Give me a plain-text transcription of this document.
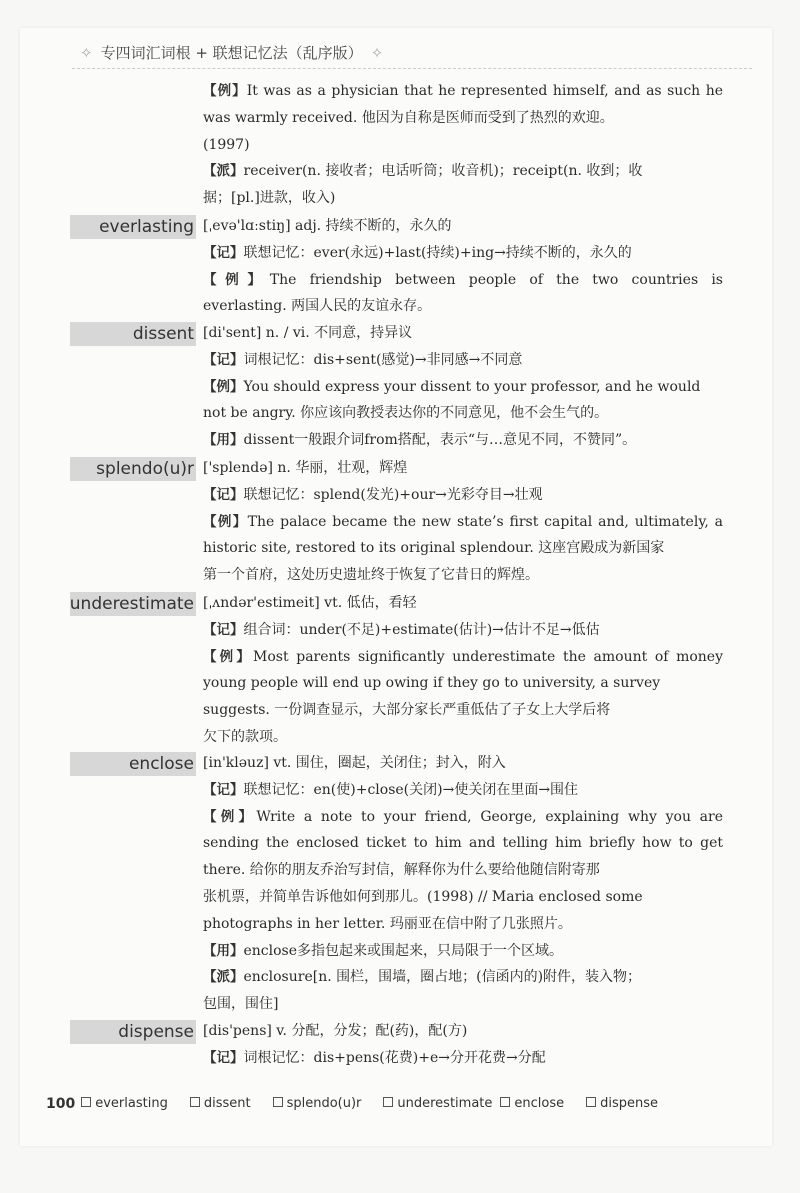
✧ 专四词汇词根 + 联想记忆法（乱序版） ✧
【例】It was as a physician that he represented himself, and as such he
was warmly received. 他因为自称是医师而受到了热烈的欢迎。
(1997)
【派】receiver(n. 接收者；电话听筒；收音机)；receipt(n. 收到；收
据；[pl.]进款，收入)
everlasting [ˌevə'lɑːstiŋ] adj. 持续不断的，永久的
【记】联想记忆：ever(永远)+last(持续)+ing→持续不断的，永久的
【例】The friendship between people of the two countries is
everlasting. 两国人民的友谊永存。
dissent [di'sent] n. / vi. 不同意，持异议
【记】词根记忆：dis+sent(感觉)→非同感→不同意
【例】You should express your dissent to your professor, and he would
not be angry. 你应该向教授表达你的不同意见，他不会生气的。
【用】dissent一般跟介词from搭配，表示“与…意见不同，不赞同”。
splendo(u)r ['splendə] n. 华丽，壮观，辉煌
【记】联想记忆：splend(发光)+our→光彩夺目→壮观
【例】The palace became the new state’s first capital and, ultimately, a
historic site, restored to its original splendour. 这座宫殿成为新国家
第一个首府，这处历史遗址终于恢复了它昔日的辉煌。
underestimate [ˌʌndər'estimeit] vt. 低估，看轻
【记】组合词：under(不足)+estimate(估计)→估计不足→低估
【例】Most parents significantly underestimate the amount of money
young people will end up owing if they go to university, a survey
suggests. 一份调查显示，大部分家长严重低估了子女上大学后将
欠下的款项。
enclose [in'kləuz] vt. 围住，圈起，关闭住；封入，附入
【记】联想记忆：en(使)+close(关闭)→使关闭在里面→围住
【例】Write a note to your friend, George, explaining why you are
sending the enclosed ticket to him and telling him briefly how to get
there. 给你的朋友乔治写封信，解释你为什么要给他随信附寄那
张机票，并简单告诉他如何到那儿。(1998) // Maria enclosed some
photographs in her letter. 玛丽亚在信中附了几张照片。
【用】enclose多指包起来或围起来，只局限于一个区域。
【派】enclosure[n. 围栏，围墙，圈占地；(信函内的)附件，装入物；
包围，围住]
dispense [dis'pens] v. 分配，分发；配(药)，配(方)
【记】词根记忆：dis+pens(花费)+e→分开花费→分配
100	everlasting	dissent	splendo(u)r	underestimate	enclose	dispense
